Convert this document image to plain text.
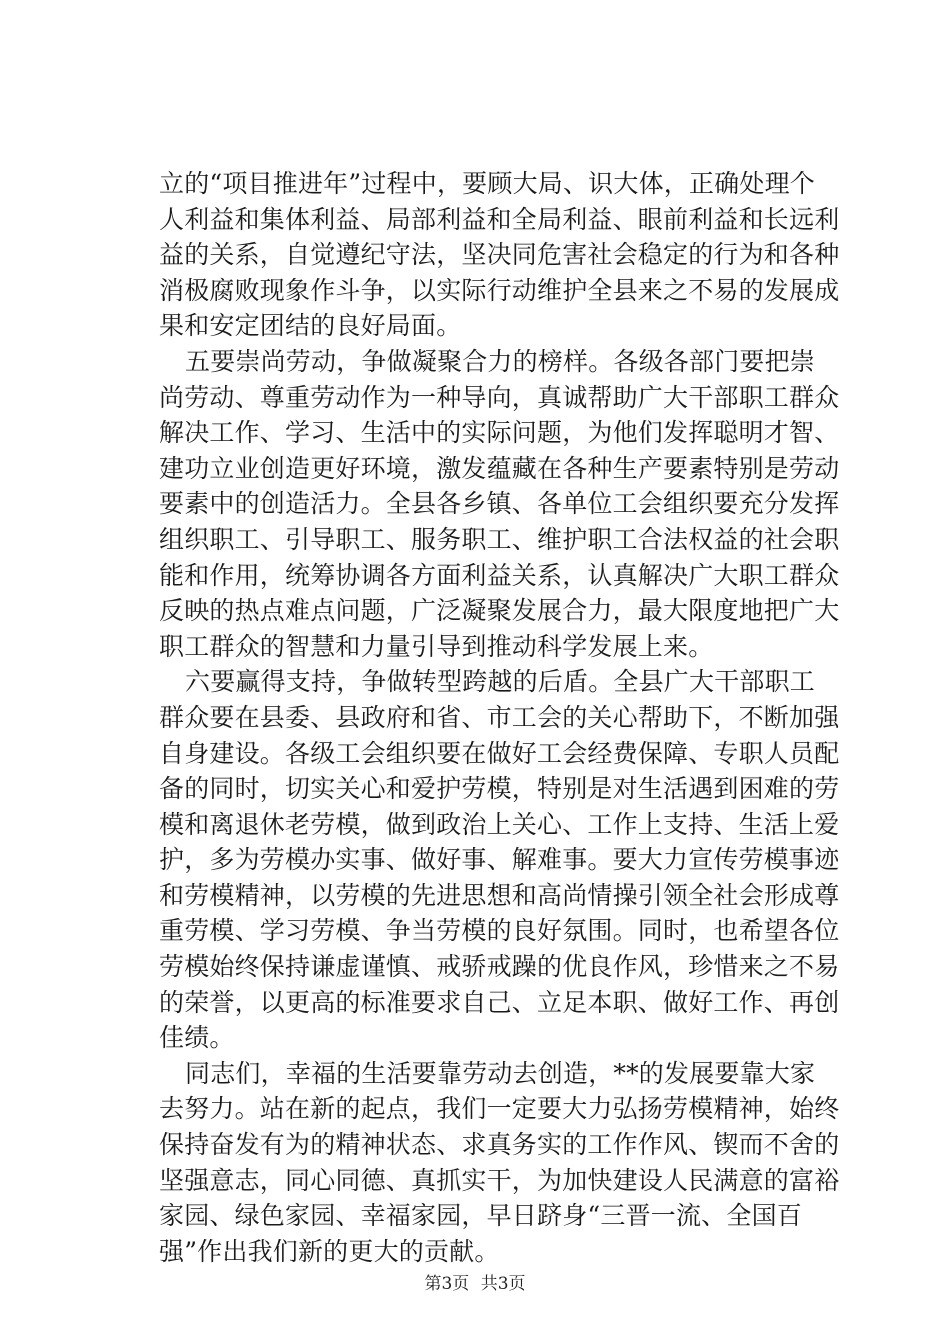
立的“项目推进年”过程中，要顾大局、识大体，正确处理个
人利益和集体利益、局部利益和全局利益、眼前利益和长远利
益的关系，自觉遵纪守法，坚决同危害社会稳定的行为和各种
消极腐败现象作斗争，以实际行动维护全县来之不易的发展成
果和安定团结的良好局面。
五要崇尚劳动，争做凝聚合力的榜样。各级各部门要把崇
尚劳动、尊重劳动作为一种导向，真诚帮助广大干部职工群众
解决工作、学习、生活中的实际问题，为他们发挥聪明才智、
建功立业创造更好环境，激发蕴藏在各种生产要素特别是劳动
要素中的创造活力。全县各乡镇、各单位工会组织要充分发挥
组织职工、引导职工、服务职工、维护职工合法权益的社会职
能和作用，统筹协调各方面利益关系，认真解决广大职工群众
反映的热点难点问题，广泛凝聚发展合力，最大限度地把广大
职工群众的智慧和力量引导到推动科学发展上来。
六要赢得支持，争做转型跨越的后盾。全县广大干部职工
群众要在县委、县政府和省、市工会的关心帮助下，不断加强
自身建设。各级工会组织要在做好工会经费保障、专职人员配
备的同时，切实关心和爱护劳模，特别是对生活遇到困难的劳
模和离退休老劳模，做到政治上关心、工作上支持、生活上爱
护，多为劳模办实事、做好事、解难事。要大力宣传劳模事迹
和劳模精神，以劳模的先进思想和高尚情操引领全社会形成尊
重劳模、学习劳模、争当劳模的良好氛围。同时，也希望各位
劳模始终保持谦虚谨慎、戒骄戒躁的优良作风，珍惜来之不易
的荣誉，以更高的标准要求自己、立足本职、做好工作、再创
佳绩。
同志们，幸福的生活要靠劳动去创造，**的发展要靠大家
去努力。站在新的起点，我们一定要大力弘扬劳模精神，始终
保持奋发有为的精神状态、求真务实的工作作风、锲而不舍的
坚强意志，同心同德、真抓实干，为加快建设人民满意的富裕
家园、绿色家园、幸福家园，早日跻身“三晋一流、全国百
强”作出我们新的更大的贡献。
第3页 共3页
